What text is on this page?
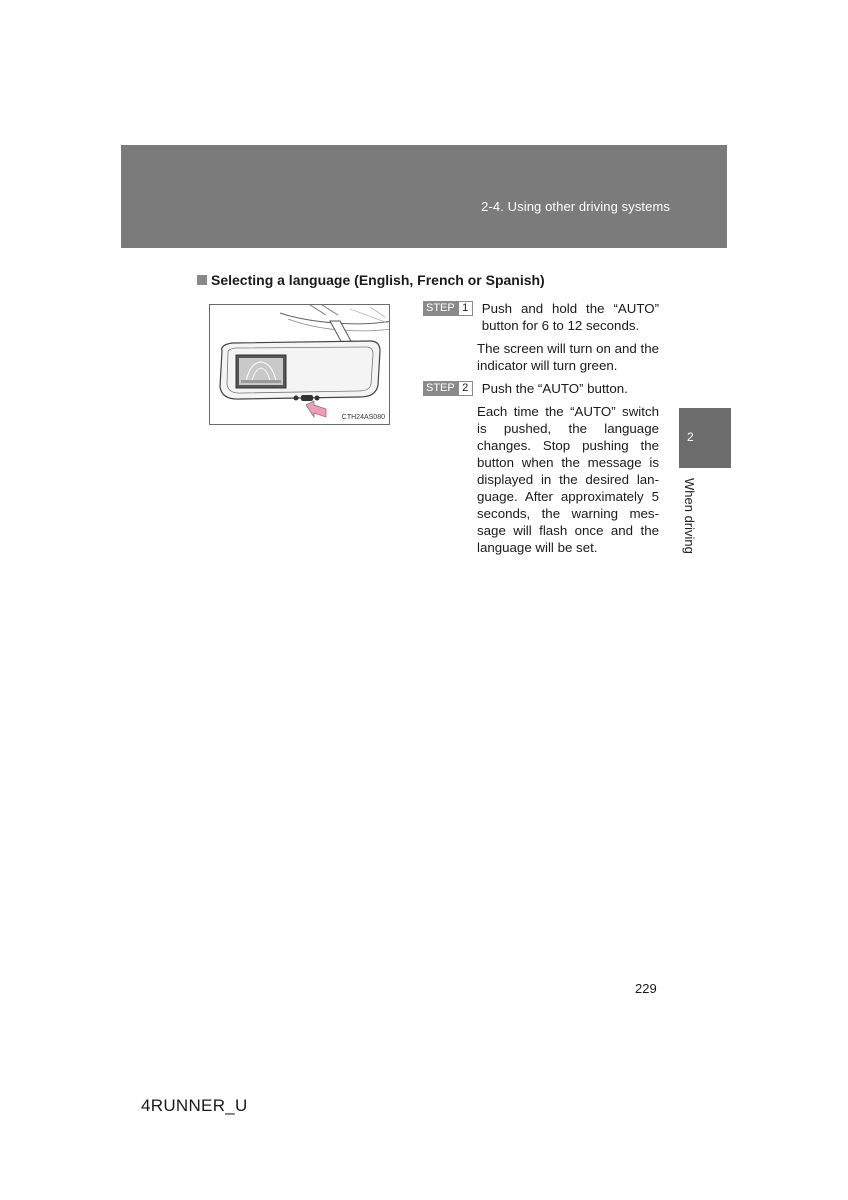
2-4. Using other driving systems
2
When driving
Selecting a language (English, French or Spanish)
CTH24AS080
STEP 1	Push and hold the “AUTO” button for 6 to 12 seconds.
The screen will turn on and the indicator will turn green.
STEP 2	Push the “AUTO” button.
Each time the “AUTO” switch is pushed, the language changes. Stop pushing the button when the message is displayed in the desired lan-guage. After approximately 5 seconds, the warning mes-sage will flash once and the language will be set.
229
4RUNNER_U
